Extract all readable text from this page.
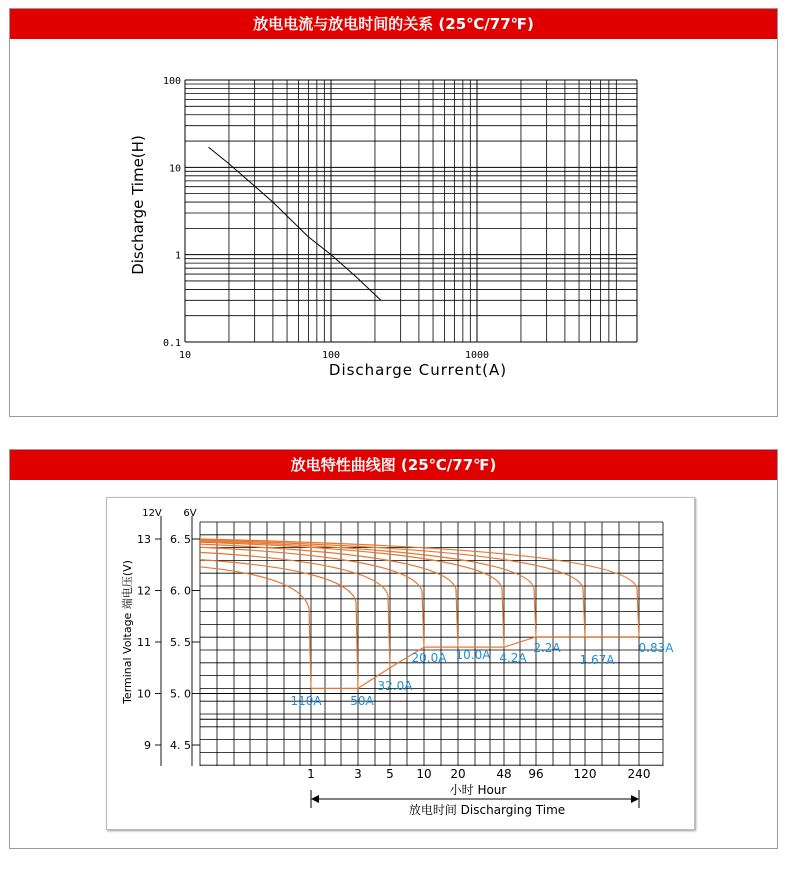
放电电流与放电时间的关系 (25℃/77℉)
100
10
1
0.1
10	100	1000
Discharge Current(A)
Discharge Time(H)
放电特性曲线图 (25℃/77℉)
12V 6V
13 6. 5
12 6. 0
11 5. 5
10 5. 0
9 4. 5
Terminal Voltage 端电压(V)
1	3 5 10 20	48 96 120	240
小时 Hour
放电时间 Discharging Time
110A 50A
32.0A
20.0A 10.0A 4.2A
2.2A
1.67A
0.83A
